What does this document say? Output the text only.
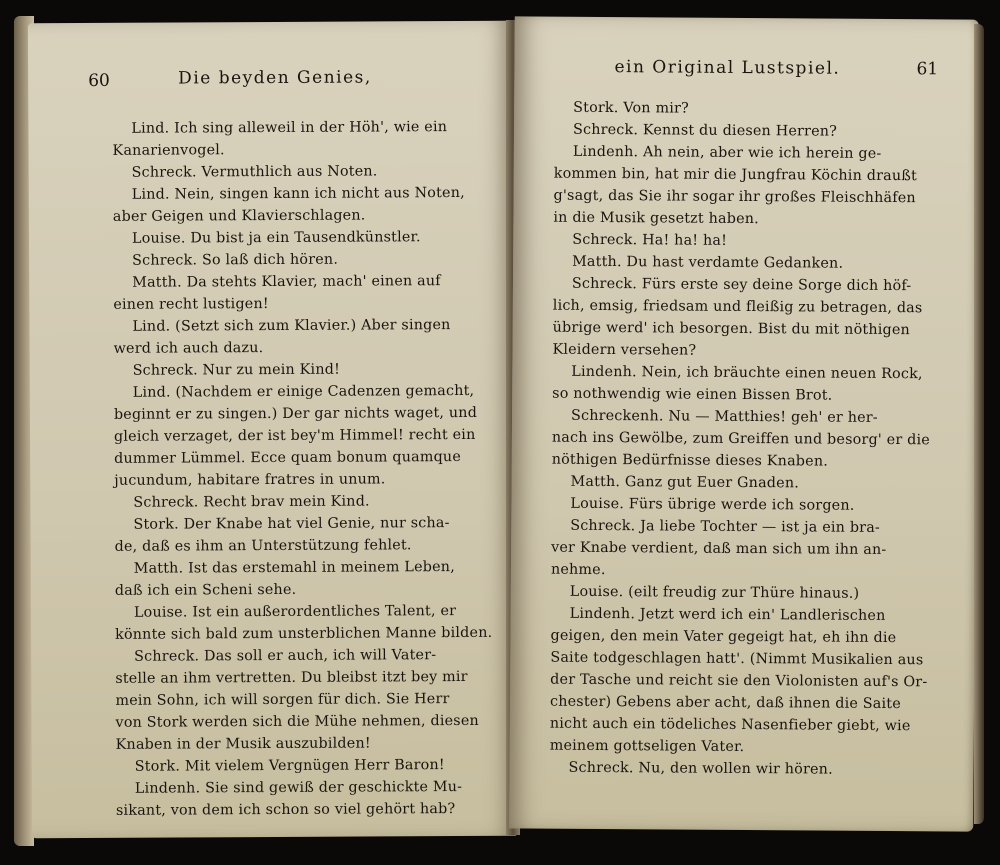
60	Die beyden Genies,
Lind. Ich sing alleweil in der Höh', wie ein
Kanarienvogel.
Schreck. Vermuthlich aus Noten.
Lind. Nein, singen kann ich nicht aus Noten,
aber Geigen und Klavierschlagen.
Louise. Du bist ja ein Tausendkünstler.
Schreck. So laß dich hören.
Matth. Da stehts Klavier, mach' einen auf
einen recht lustigen!
Lind. (Setzt sich zum Klavier.) Aber singen
werd ich auch dazu.
Schreck. Nur zu mein Kind!
Lind. (Nachdem er einige Cadenzen gemacht,
beginnt er zu singen.) Der gar nichts waget, und
gleich verzaget, der ist bey'm Himmel! recht ein
dummer Lümmel. Ecce quam bonum quamque
jucundum, habitare fratres in unum.
Schreck. Recht brav mein Kind.
Stork. Der Knabe hat viel Genie, nur scha-
de, daß es ihm an Unterstützung fehlet.
Matth. Ist das erstemahl in meinem Leben,
daß ich ein Scheni sehe.
Louise. Ist ein außerordentliches Talent, er
könnte sich bald zum unsterblichen Manne bilden.
Schreck. Das soll er auch, ich will Vater-
stelle an ihm vertretten. Du bleibst itzt bey mir
mein Sohn, ich will sorgen für dich. Sie Herr
von Stork werden sich die Mühe nehmen, diesen
Knaben in der Musik auszubilden!
Stork. Mit vielem Vergnügen Herr Baron!
Lindenh. Sie sind gewiß der geschickte Mu-
sikant, von dem ich schon so viel gehört hab?
ein Original Lustspiel.	61
Stork. Von mir?
Schreck. Kennst du diesen Herren?
Lindenh. Ah nein, aber wie ich herein ge-
kommen bin, hat mir die Jungfrau Köchin draußt
g'sagt, das Sie ihr sogar ihr großes Fleischhäfen
in die Musik gesetzt haben.
Schreck. Ha! ha! ha!
Matth. Du hast verdamte Gedanken.
Schreck. Fürs erste sey deine Sorge dich höf-
lich, emsig, friedsam und fleißig zu betragen, das
übrige werd' ich besorgen. Bist du mit nöthigen
Kleidern versehen?
Lindenh. Nein, ich bräuchte einen neuen Rock,
so nothwendig wie einen Bissen Brot.
Schreckenh. Nu — Matthies! geh' er her-
nach ins Gewölbe, zum Greiffen und besorg' er die
nöthigen Bedürfnisse dieses Knaben.
Matth. Ganz gut Euer Gnaden.
Louise. Fürs übrige werde ich sorgen.
Schreck. Ja liebe Tochter — ist ja ein bra-
ver Knabe verdient, daß man sich um ihn an-
nehme.
Louise. (eilt freudig zur Thüre hinaus.)
Lindenh. Jetzt werd ich ein' Landlerischen
geigen, den mein Vater gegeigt hat, eh ihn die
Saite todgeschlagen hatt'. (Nimmt Musikalien aus
der Tasche und reicht sie den Violonisten auf's Or-
chester) Gebens aber acht, daß ihnen die Saite
nicht auch ein tödeliches Nasenfieber giebt, wie
meinem gottseligen Vater.
Schreck. Nu, den wollen wir hören.
